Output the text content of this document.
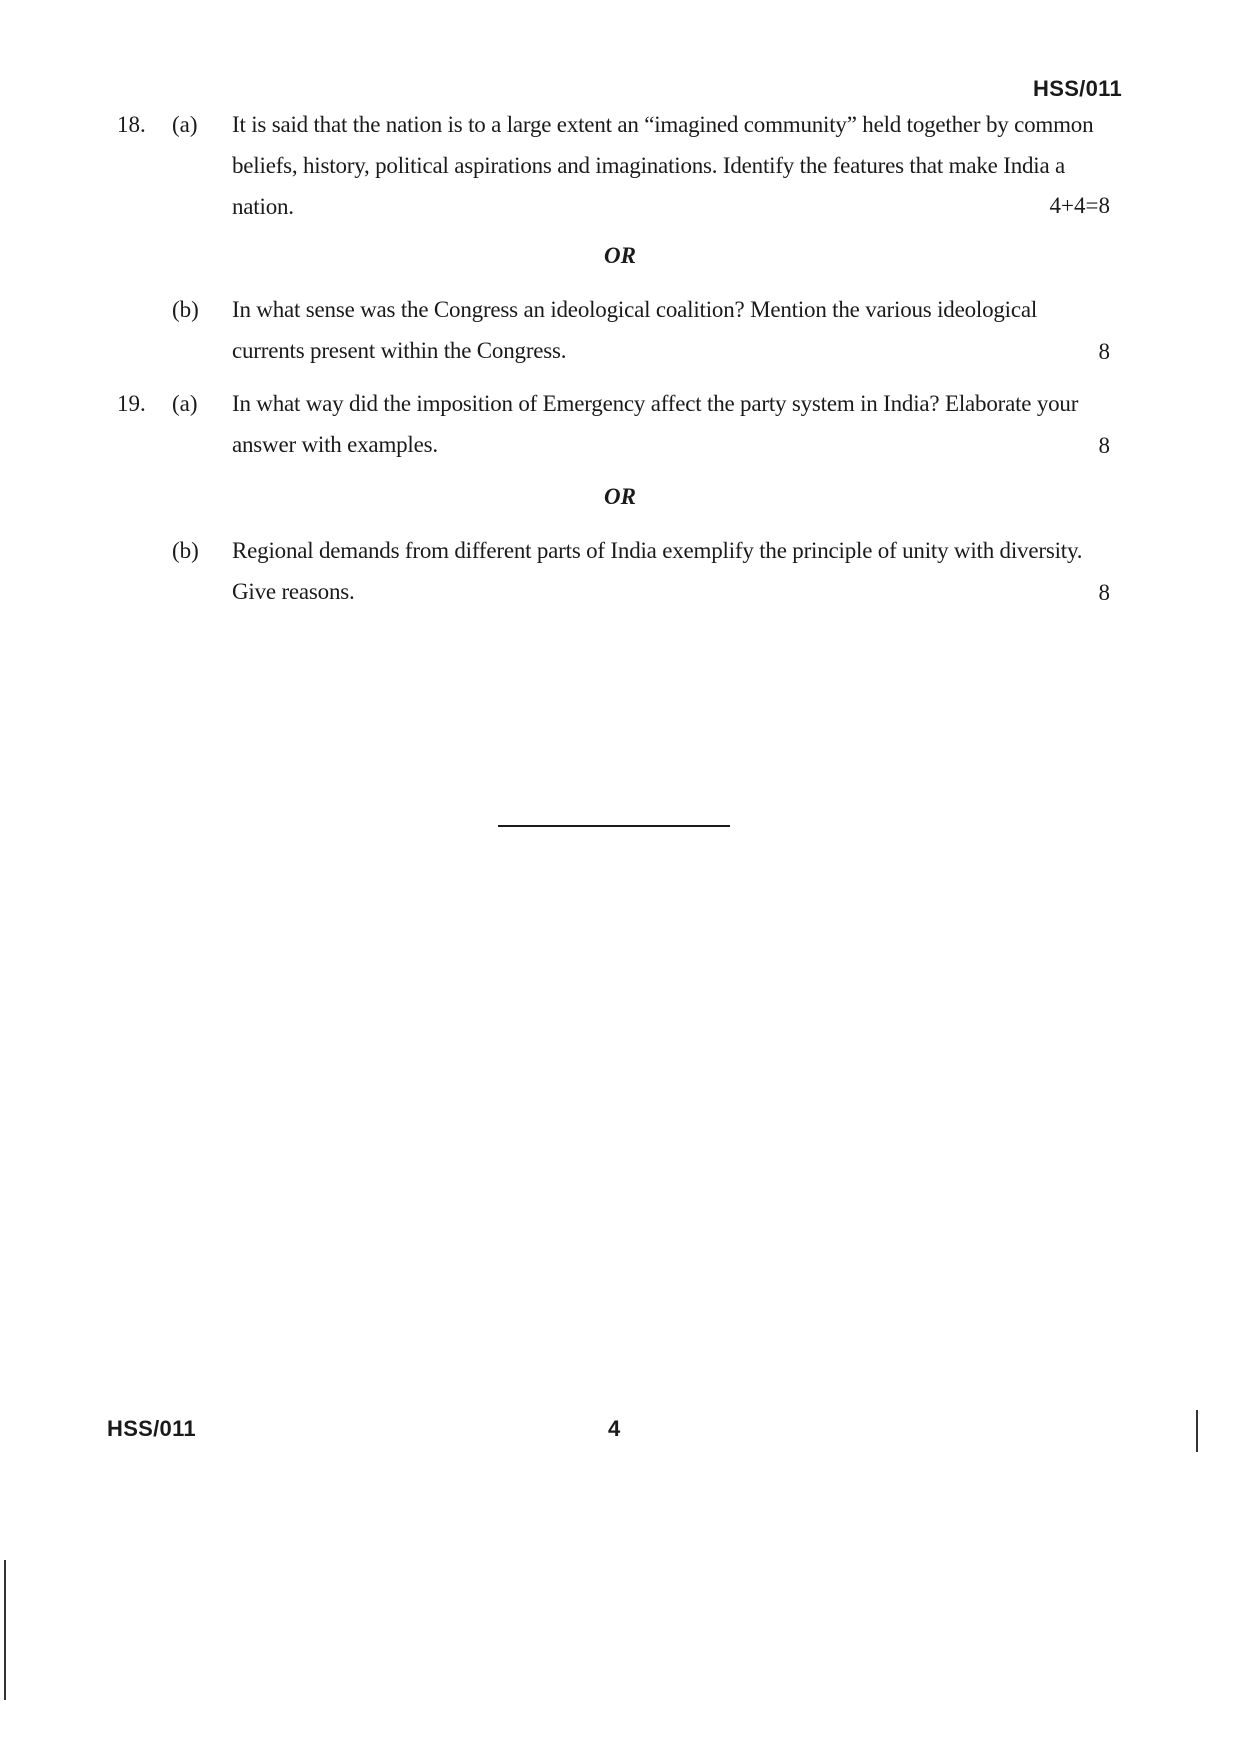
HSS/011
18. (a) It is said that the nation is to a large extent an “imagined community” held together by common beliefs, history, political aspirations and imaginations. Identify the features that make India a nation.	4+4=8
OR
(b) In what sense was the Congress an ideological coalition? Mention the various ideological currents present within the Congress.	8
19. (a) In what way did the imposition of Emergency affect the party system in India? Elaborate your answer with examples.	8
OR
(b) Regional demands from different parts of India exemplify the principle of unity with diversity. Give reasons.	8
HSS/011	4
